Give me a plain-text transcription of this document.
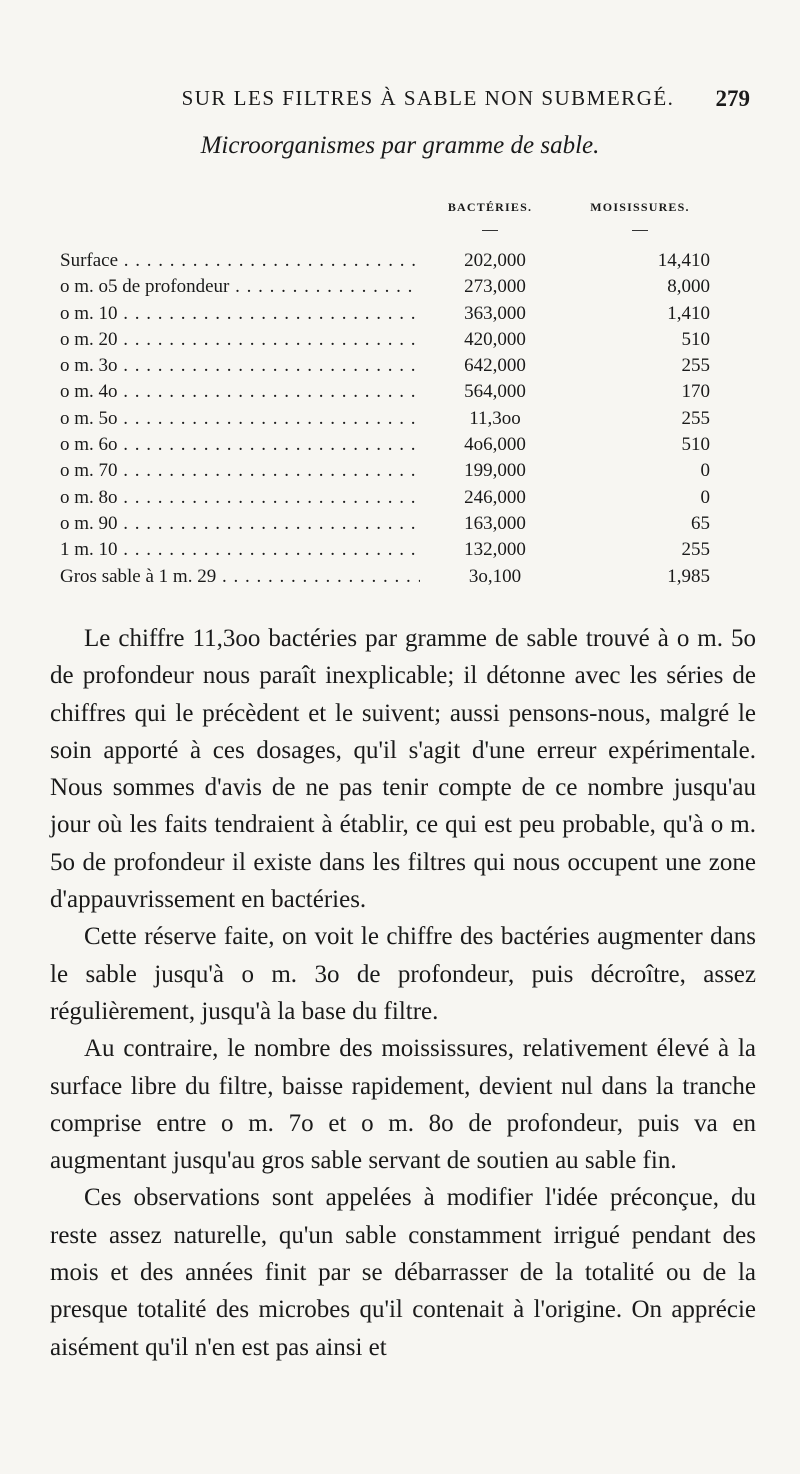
SUR LES FILTRES À SABLE NON SUBMERGÉ.	279
Microorganismes par gramme de sable.
BACTÉRIES.	MOISISSURES.
Surface . . .	202,000	14,410
o m. o5 de profondeur . . .	273,000	8,000
o m. 10 . . .	363,000	1,410
o m. 20 . . .	420,000	510
o m. 3o . . .	642,000	255
o m. 4o . . .	564,000	170
o m. 5o . . .	11,3oo	255
o m. 6o . . .	4o6,000	510
o m. 70 . . .	199,000	0
o m. 8o . . .	246,000	0
o m. 90 . . .	163,000	65
1 m. 10 . . .	132,000	255
Gros sable à 1 m. 29 . . .	3o,100	1,985

Le chiffre 11,3oo bactéries par gramme de sable trouvé à o m. 5o de profondeur nous paraît inexplicable; il détonne avec les séries de chiffres qui le précèdent et le suivent; aussi pensons-nous, malgré le soin apporté à ces dosages, qu'il s'agit d'une erreur expérimentale. Nous sommes d'avis de ne pas tenir compte de ce nombre jusqu'au jour où les faits tendraient à établir, ce qui est peu probable, qu'à o m. 5o de profondeur il existe dans les filtres qui nous occupent une zone d'appauvrissement en bactéries.

Cette réserve faite, on voit le chiffre des bactéries augmenter dans le sable jusqu'à o m. 3o de profondeur, puis décroître, assez régulièrement, jusqu'à la base du filtre.

Au contraire, le nombre des moississures, relativement élevé à la surface libre du filtre, baisse rapidement, devient nul dans la tranche comprise entre o m. 7o et o m. 8o de profondeur, puis va en augmentant jusqu'au gros sable servant de soutien au sable fin.

Ces observations sont appelées à modifier l'idée préconçue, du reste assez naturelle, qu'un sable constamment irrigué pendant des mois et des années finit par se débarrasser de la totalité ou de la presque totalité des microbes qu'il contenait à l'origine. On apprécie aisément qu'il n'en est pas ainsi et
